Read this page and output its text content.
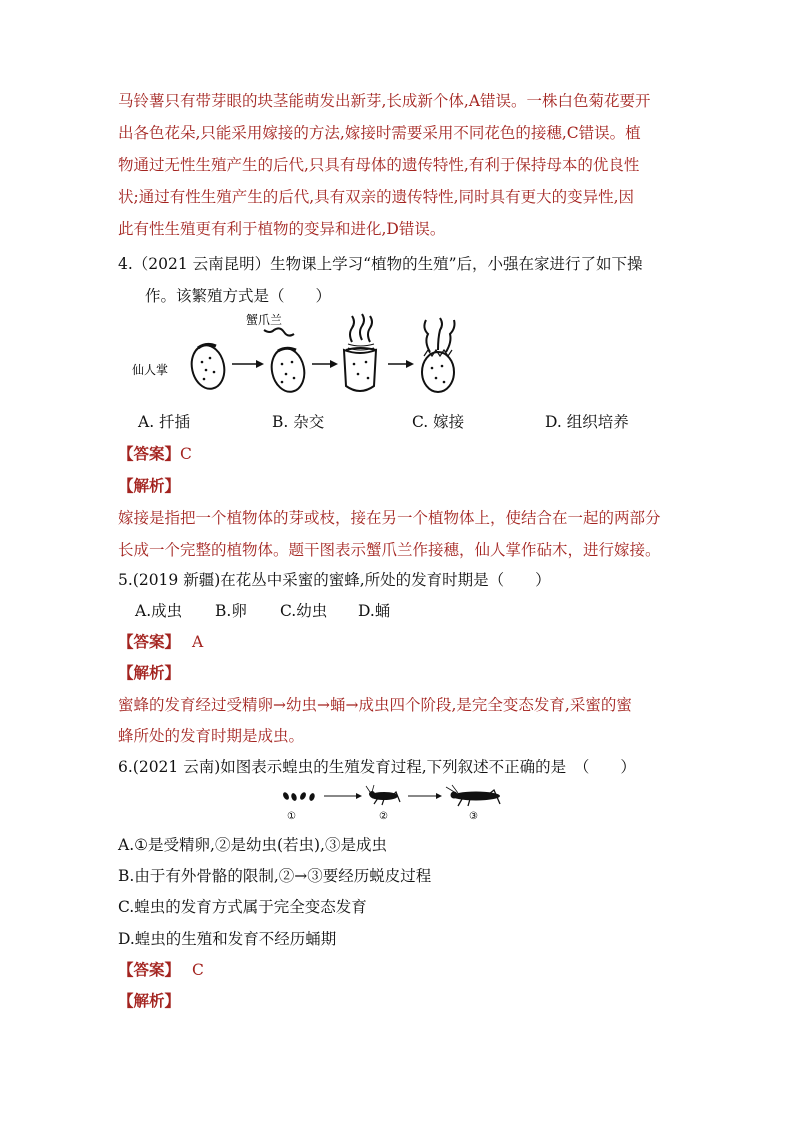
马铃薯只有带芽眼的块茎能萌发出新芽,长成新个体,A错误。一株白色菊花要开
出各色花朵,只能采用嫁接的方法,嫁接时需要采用不同花色的接穗,C错误。植
物通过无性生殖产生的后代,只具有母体的遗传特性,有利于保持母本的优良性
状;通过有性生殖产生的后代,具有双亲的遗传特性,同时具有更大的变异性,因
此有性生殖更有利于植物的变异和进化,D错误。
4.（2021 云南昆明）生物课上学习“植物的生殖”后，小强在家进行了如下操
作。该繁殖方式是（　　）
仙人掌
蟹爪兰
A. 扦插	B. 杂交	C. 嫁接	D. 组织培养
【答案】C
【解析】
嫁接是指把一个植物体的芽或枝，接在另一个植物体上，使结合在一起的两部分
长成一个完整的植物体。题干图表示蟹爪兰作接穗，仙人掌作砧木，进行嫁接。
5.(2019 新疆)在花丛中采蜜的蜜蜂,所处的发育时期是（　　）
A.成虫 B.卵 C.幼虫 D.蛹
【答案】 A
【解析】
蜜蜂的发育经过受精卵→幼虫→蛹→成虫四个阶段,是完全变态发育,采蜜的蜜
蜂所处的发育时期是成虫。
6.(2021 云南)如图表示蝗虫的生殖发育过程,下列叙述不正确的是　（　　）
①	②	③
A.①是受精卵,②是幼虫(若虫),③是成虫
B.由于有外骨骼的限制,②→③要经历蜕皮过程
C.蝗虫的发育方式属于完全变态发育
D.蝗虫的生殖和发育不经历蛹期
【答案】 C
【解析】
